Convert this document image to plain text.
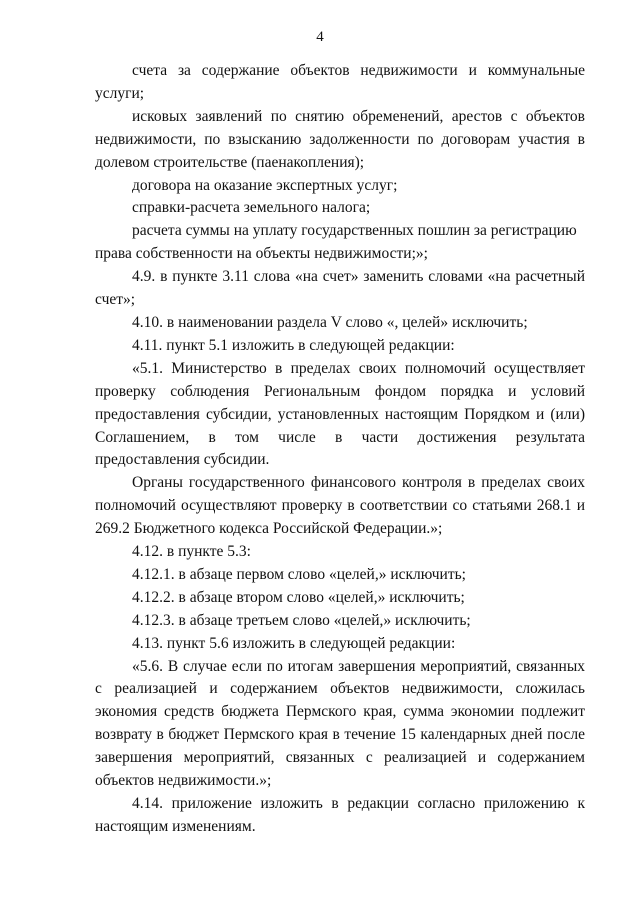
4

счета за содержание объектов недвижимости и коммунальные услуги;

исковых заявлений по снятию обременений, арестов с объектов недвижимости, по взысканию задолженности по договорам участия в долевом строительстве (паенакопления);

договора на оказание экспертных услуг;

справки-расчета земельного налога;

расчета суммы на уплату государственных пошлин за регистрацию права собственности на объекты недвижимости;»;

4.9. в пункте 3.11 слова «на счет» заменить словами «на расчетный счет»;

4.10. в наименовании раздела V слово «, целей» исключить;

4.11. пункт 5.1 изложить в следующей редакции:

«5.1. Министерство в пределах своих полномочий осуществляет проверку соблюдения Региональным фондом порядка и условий предоставления субсидии, установленных настоящим Порядком и (или) Соглашением, в том числе в части достижения результата предоставления субсидии.

Органы государственного финансового контроля в пределах своих полномочий осуществляют проверку в соответствии со статьями 268.1 и 269.2 Бюджетного кодекса Российской Федерации.»;

4.12. в пункте 5.3:

4.12.1. в абзаце первом слово «целей,» исключить;

4.12.2. в абзаце втором слово «целей,» исключить;

4.12.3. в абзаце третьем слово «целей,» исключить;

4.13. пункт 5.6 изложить в следующей редакции:

«5.6. В случае если по итогам завершения мероприятий, связанных с реализацией и содержанием объектов недвижимости, сложилась экономия средств бюджета Пермского края, сумма экономии подлежит возврату в бюджет Пермского края в течение 15 календарных дней после завершения мероприятий, связанных с реализацией и содержанием объектов недвижимости.»;

4.14. приложение изложить в редакции согласно приложению к настоящим изменениям.
